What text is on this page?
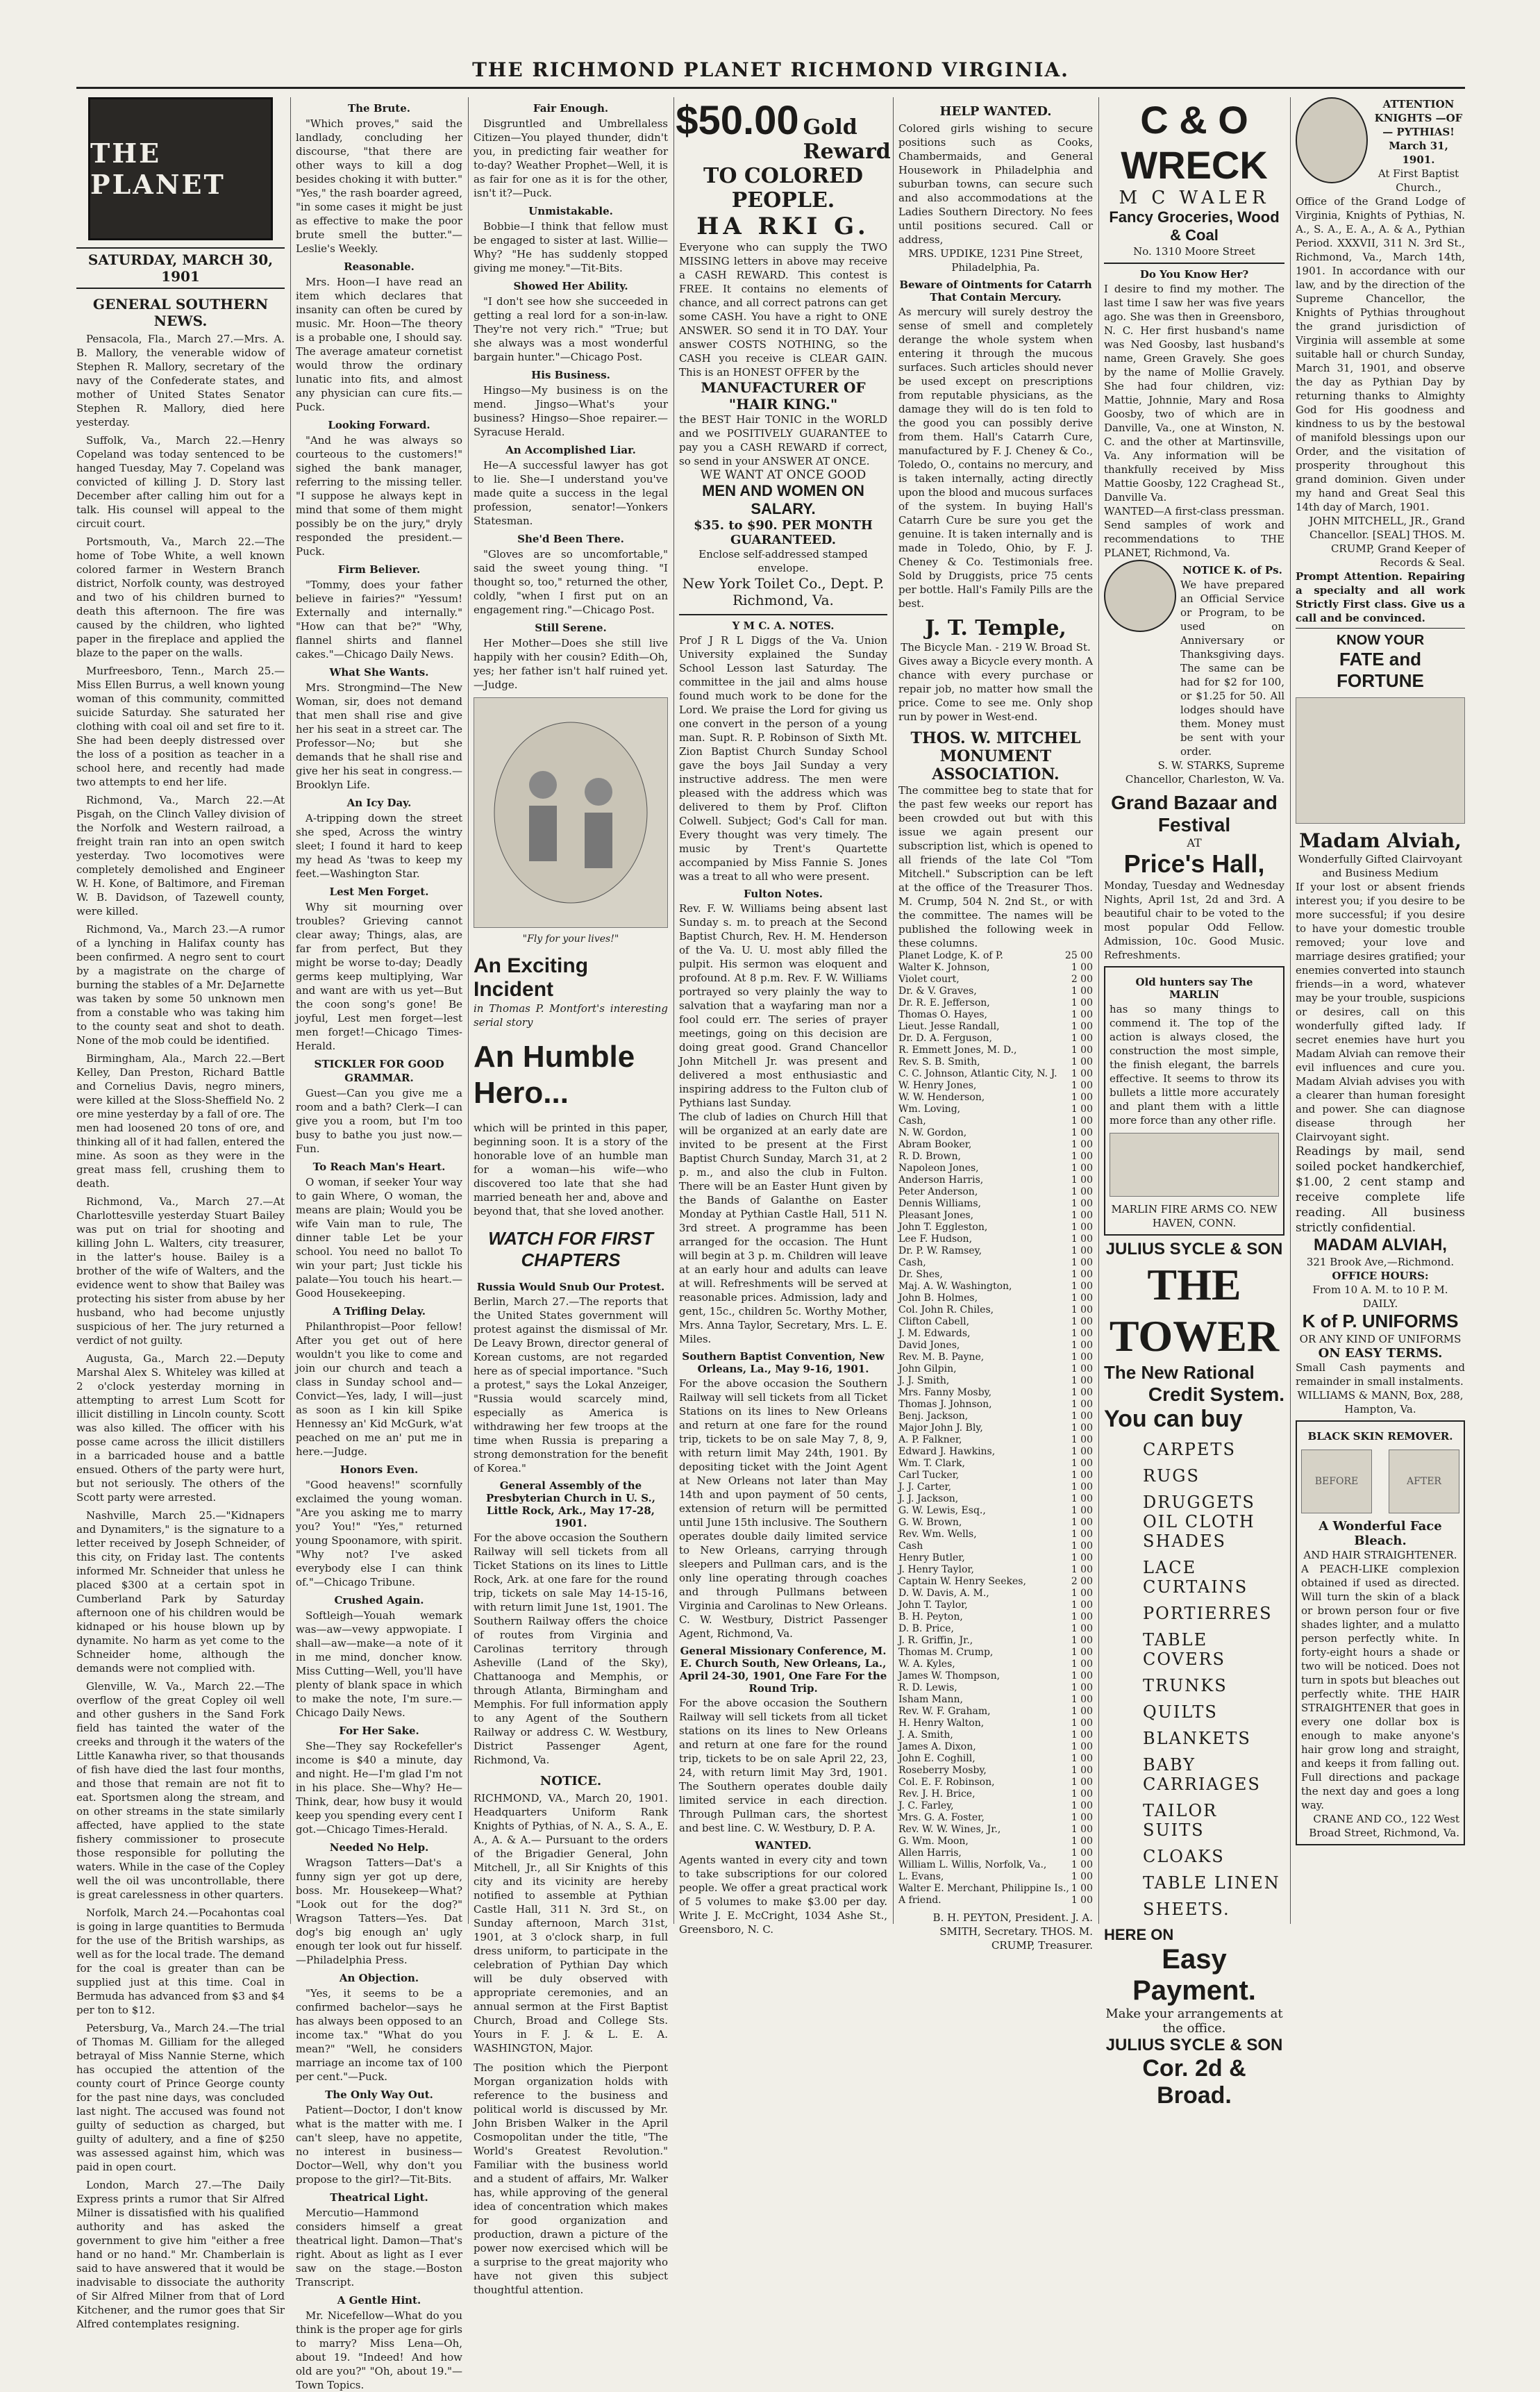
THE RICHMOND PLANET RICHMOND VIRGINIA.
THE PLANET
SATURDAY, MARCH 30, 1901
GENERAL SOUTHERN NEWS.

Pensacola, Fla., March 27.—Mrs. A. B. Mallory, the venerable widow of Stephen R. Mallory, secretary of the navy of the Confederate states, and mother of United States Senator Stephen R. Mallory, died here yesterday.

Suffolk, Va., March 22.—Henry Copeland was today sentenced to be hanged Tuesday, May 7. Copeland was convicted of killing J. D. Story last December after calling him out for a talk. His counsel will appeal to the circuit court.

Portsmouth, Va., March 22.—The home of Tobe White, a well known colored farmer in Western Branch district, Norfolk county, was destroyed and two of his children burned to death this afternoon. The fire was caused by the children, who lighted paper in the fireplace and applied the blaze to the paper on the walls.

Murfreesboro, Tenn., March 25.—Miss Ellen Burrus, a well known young woman of this community, committed suicide Saturday. She saturated her clothing with coal oil and set fire to it. She had been deeply distressed over the loss of a position as teacher in a school here, and recently had made two attempts to end her life.

Richmond, Va., March 22.—At Pisgah, on the Clinch Valley division of the Norfolk and Western railroad, a freight train ran into an open switch yesterday. Two locomotives were completely demolished and Engineer W. H. Kone, of Baltimore, and Fireman W. B. Davidson, of Tazewell county, were killed.

Richmond, Va., March 23.—A rumor of a lynching in Halifax county has been confirmed. A negro sent to court by a magistrate on the charge of burning the stables of a Mr. DeJarnette was taken by some 50 unknown men from a constable who was taking him to the county seat and shot to death. None of the mob could be identified.

Birmingham, Ala., March 22.—Bert Kelley, Dan Preston, Richard Battle and Cornelius Davis, negro miners, were killed at the Sloss-Sheffield No. 2 ore mine yesterday by a fall of ore. The men had loosened 20 tons of ore, and thinking all of it had fallen, entered the mine. As soon as they were in the great mass fell, crushing them to death.

Richmond, Va., March 27.—At Charlottesville yesterday Stuart Bailey was put on trial for shooting and killing John L. Walters, city treasurer, in the latter's house. Bailey is a brother of the wife of Walters, and the evidence went to show that Bailey was protecting his sister from abuse by her husband, who had become unjustly suspicious of her. The jury returned a verdict of not guilty.

Augusta, Ga., March 22.—Deputy Marshal Alex S. Whiteley was killed at 2 o'clock yesterday morning in attempting to arrest Lum Scott for illicit distilling in Lincoln county. Scott was also killed. The officer with his posse came across the illicit distillers in a barricaded house and a battle ensued. Others of the party were hurt, but not seriously. The others of the Scott party were arrested.

Nashville, March 25.—"Kidnapers and Dynamiters," is the signature to a letter received by Joseph Schneider, of this city, on Friday last. The contents informed Mr. Schneider that unless he placed $300 at a certain spot in Cumberland Park by Saturday afternoon one of his children would be kidnaped or his house blown up by dynamite. No harm as yet come to the Schneider home, although the demands were not complied with.

Glenville, W. Va., March 22.—The overflow of the great Copley oil well and other gushers in the Sand Fork field has tainted the water of the creeks and through it the waters of the Little Kanawha river, so that thousands of fish have died the last four months, and those that remain are not fit to eat. Sportsmen along the stream, and on other streams in the state similarly affected, have applied to the state fishery commissioner to prosecute those responsible for polluting the waters. While in the case of the Copley well the oil was uncontrollable, there is great carelessness in other quarters.

Norfolk, March 24.—Pocahontas coal is going in large quantities to Bermuda for the use of the British warships, as well as for the local trade. The demand for the coal is greater than can be supplied just at this time. Coal in Bermuda has advanced from $3 and $4 per ton to $12.

Petersburg, Va., March 24.—The trial of Thomas M. Gilliam for the alleged betrayal of Miss Nannie Sterne, which has occupied the attention of the county court of Prince George county for the past nine days, was concluded last night. The accused was found not guilty of seduction as charged, but guilty of adultery, and a fine of $250 was assessed against him, which was paid in open court.

London, March 27.—The Daily Express prints a rumor that Sir Alfred Milner is dissatisfied with his qualified authority and has asked the government to give him "either a free hand or no hand." Mr. Chamberlain is said to have answered that it would be inadvisable to dissociate the authority of Sir Alfred Milner from that of Lord Kitchener, and the rumor goes that Sir Alfred contemplates resigning.

The Brute.

"Which proves," said the landlady, concluding her discourse, "that there are other ways to kill a dog besides choking it with butter." "Yes," the rash boarder agreed, "in some cases it might be just as effective to make the poor brute smell the butter."—Leslie's Weekly.

Reasonable.

Mrs. Hoon—I have read an item which declares that insanity can often be cured by music. Mr. Hoon—The theory is a probable one, I should say. The average amateur cornetist would throw the ordinary lunatic into fits, and almost any physician can cure fits.—Puck.

Looking Forward.

"And he was always so courteous to the customers!" sighed the bank manager, referring to the missing teller. "I suppose he always kept in mind that some of them might possibly be on the jury," dryly responded the president.—Puck.

Firm Believer.

"Tommy, does your father believe in fairies?" "Yessum! Externally and internally." "How can that be?" "Why, flannel shirts and flannel cakes."—Chicago Daily News.

What She Wants.

Mrs. Strongmind—The New Woman, sir, does not demand that men shall rise and give her his seat in a street car. The Professor—No; but she demands that he shall rise and give her his seat in congress.—Brooklyn Life.

An Icy Day.

A-tripping down the street she sped, Across the wintry sleet; I found it hard to keep my head As 'twas to keep my feet.—Washington Star.

Lest Men Forget.

Why sit mourning over troubles? Grieving cannot clear away; Things, alas, are far from perfect, But they might be worse to-day; Deadly germs keep multiplying, War and want are with us yet—But the coon song's gone! Be joyful, Lest men forget—lest men forget!—Chicago Times-Herald.

STICKLER FOR GOOD GRAMMAR.

Guest—Can you give me a room and a bath? Clerk—I can give you a room, but I'm too busy to bathe you just now.—Fun.

To Reach Man's Heart.

O woman, if seeker Your way to gain Where, O woman, the means are plain; Would you be wife Vain man to rule, The dinner table Let be your school. You need no ballot To win your part; Just tickle his palate—You touch his heart.—Good Housekeeping.

A Trifling Delay.

Philanthropist—Poor fellow! After you get out of here wouldn't you like to come and join our church and teach a class in Sunday school and—Convict—Yes, lady, I will—just as soon as I kin kill Spike Hennessy an' Kid McGurk, w'at peached on me an' put me in here.—Judge.

Honors Even.

"Good heavens!" scornfully exclaimed the young woman. "Are you asking me to marry you? You!" "Yes," returned young Spoonamore, with spirit. "Why not? I've asked everybody else I can think of."—Chicago Tribune.

Crushed Again.

Softleigh—Youah wemark was—aw—vewy appwopiate. I shall—aw—make—a note of it in me mind, doncher know. Miss Cutting—Well, you'll have plenty of blank space in which to make the note, I'm sure.—Chicago Daily News.

For Her Sake.

She—They say Rockefeller's income is $40 a minute, day and night. He—I'm glad I'm not in his place. She—Why? He—Think, dear, how busy it would keep you spending every cent I got.—Chicago Times-Herald.

Needed No Help.

Wragson Tatters—Dat's a funny sign yer got up dere, boss. Mr. Housekeep—What? "Look out for the dog?" Wragson Tatters—Yes. Dat dog's big enough an' ugly enough ter look out fur hisself.—Philadelphia Press.

An Objection.

"Yes, it seems to be a confirmed bachelor—says he has always been opposed to an income tax." "What do you mean?" "Well, he considers marriage an income tax of 100 per cent."—Puck.

The Only Way Out.

Patient—Doctor, I don't know what is the matter with me. I can't sleep, have no appetite, no interest in business— Doctor—Well, why don't you propose to the girl?—Tit-Bits.

Theatrical Light.

Mercutio—Hammond considers himself a great theatrical light. Damon—That's right. About as light as I ever saw on the stage.—Boston Transcript.

A Gentle Hint.

Mr. Nicefellow—What do you think is the proper age for girls to marry? Miss Lena—Oh, about 19. "Indeed! And how old are you?" "Oh, about 19."—Town Topics.

Fair Enough.

Disgruntled and Umbrellaless Citizen—You played thunder, didn't you, in predicting fair weather for to-day? Weather Prophet—Well, it is as fair for one as it is for the other, isn't it?—Puck.

Unmistakable.

Bobbie—I think that fellow must be engaged to sister at last. Willie—Why? "He has suddenly stopped giving me money."—Tit-Bits.

Showed Her Ability.

"I don't see how she succeeded in getting a real lord for a son-in-law. They're not very rich." "True; but she always was a most wonderful bargain hunter."—Chicago Post.

His Business.

Hingso—My business is on the mend. Jingso—What's your business? Hingso—Shoe repairer.—Syracuse Herald.

An Accomplished Liar.

He—A successful lawyer has got to lie. She—I understand you've made quite a success in the legal profession, senator!—Yonkers Statesman.

She'd Been There.

"Gloves are so uncomfortable," said the sweet young thing. "I thought so, too," returned the other, coldly, "when I first put on an engagement ring."—Chicago Post.

Still Serene.

Her Mother—Does she still live happily with her cousin? Edith—Oh, yes; her father isn't half ruined yet.—Judge.

"Fly for your lives!"
An Exciting Incident
in Thomas P. Montfort's interesting serial story
An Humble Hero...
which will be printed in this paper, beginning soon. It is a story of the honorable love of an humble man for a woman—his wife—who discovered too late that she had married beneath her and, above and beyond that, that she loved another.
WATCH FOR FIRST CHAPTERS
Russia Would Snub Our Protest.
Berlin, March 27.—The reports that the United States government will protest against the dismissal of Mr. De Leavy Brown, director general of Korean customs, are not regarded here as of special importance. "Such a protest," says the Lokal Anzeiger, "Russia would scarcely mind, especially as America is withdrawing her few troops at the time when Russia is preparing a strong demonstration for the benefit of Korea."
General Assembly of the Presbyterian Church in U. S., Little Rock, Ark., May 17-28, 1901.
For the above occasion the Southern Railway will sell tickets from all Ticket Stations on its lines to Little Rock, Ark. at one fare for the round trip, tickets on sale May 14-15-16, with return limit June 1st, 1901. The Southern Railway offers the choice of routes from Virginia and Carolinas territory through Asheville (Land of the Sky), Chattanooga and Memphis, or through Atlanta, Birmingham and Memphis. For full information apply to any Agent of the Southern Railway or address C. W. Westbury, District Passenger Agent, Richmond, Va.
NOTICE.
RICHMOND, VA., March 20, 1901. Headquarters Uniform Rank Knights of Pythias, of N. A., S. A., E. A., A. & A.— Pursuant to the orders of the Brigadier General, John Mitchell, Jr., all Sir Knights of this city and its vicinity are hereby notified to assemble at Pythian Castle Hall, 311 N. 3rd St., on Sunday afternoon, March 31st, 1901, at 3 o'clock sharp, in full dress uniform, to participate in the celebration of Pythian Day which will be duly observed with appropriate ceremonies, and an annual sermon at the First Baptist Church, Broad and College Sts. Yours in F. J. & L. E. A. WASHINGTON, Major.
The position which the Pierpont Morgan organization holds with reference to the business and political world is discussed by Mr. John Brisben Walker in the April Cosmopolitan under the title, "The World's Greatest Revolution." Familiar with the business world and a student of affairs, Mr. Walker has, while approving of the general idea of concentration which makes for good organization and production, drawn a picture of the power now exercised which will be a surprise to the great majority who have not given this subject thoughtful attention.
$50.00 Gold Reward
TO COLORED PEOPLE.
HA RKI G.
Everyone who can supply the TWO MISSING letters in above may receive a CASH REWARD. This contest is FREE. It contains no elements of chance, and all correct patrons can get some CASH. You have a right to ONE ANSWER. SO send it in TO DAY. Your answer COSTS NOTHING, so the CASH you receive is CLEAR GAIN. This is an HONEST OFFER by the
MANUFACTURER OF "HAIR KING."
the BEST Hair TONIC in the WORLD and we POSITIVELY GUARANTEE to pay you a CASH REWARD if correct, so send in your ANSWER AT ONCE.
WE WANT AT ONCE GOOD
MEN AND WOMEN ON SALARY.
$35. to $90. PER MONTH GUARANTEED.
Enclose self-addressed stamped envelope.
New York Toilet Co., Dept. P. Richmond, Va.
Y M C. A. NOTES.
Prof J R L Diggs of the Va. Union University explained the Sunday School Lesson last Saturday. The committee in the jail and alms house found much work to be done for the Lord. We praise the Lord for giving us one convert in the person of a young man. Supt. R. P. Robinson of Sixth Mt. Zion Baptist Church Sunday School gave the boys Jail Sunday a very instructive address. The men were pleased with the address which was delivered to them by Prof. Clifton Colwell. Subject; God's Call for man. Every thought was very timely. The music by Trent's Quartette accompanied by Miss Fannie S. Jones was a treat to all who were present.
Fulton Notes.
Rev. F. W. Williams being absent last Sunday s. m. to preach at the Second Baptist Church, Rev. H. M. Henderson of the Va. U. U. most ably filled the pulpit. His sermon was eloquent and profound. At 8 p.m. Rev. F. W. Williams portrayed so very plainly the way to salvation that a wayfaring man nor a fool could err. The series of prayer meetings, going on this decision are doing great good. Grand Chancellor John Mitchell Jr. was present and delivered a most enthusiastic and inspiring address to the Fulton club of Pythians last Sunday.
The club of ladies on Church Hill that will be organized at an early date are invited to be present at the First Baptist Church Sunday, March 31, at 2 p. m., and also the club in Fulton. There will be an Easter Hunt given by the Bands of Galanthe on Easter Monday at Pythian Castle Hall, 511 N. 3rd street. A programme has been arranged for the occasion. The Hunt will begin at 3 p. m. Children will leave at an early hour and adults can leave at will. Refreshments will be served at reasonable prices. Admission, lady and gent, 15c., children 5c. Worthy Mother, Mrs. Anna Taylor, Secretary, Mrs. L. E. Miles.
Southern Baptist Convention, New Orleans, La., May 9-16, 1901.
For the above occasion the Southern Railway will sell tickets from all Ticket Stations on its lines to New Orleans and return at one fare for the round trip, tickets to be on sale May 7, 8, 9, with return limit May 24th, 1901. By depositing ticket with the Joint Agent at New Orleans not later than May 14th and upon payment of 50 cents, extension of return will be permitted until June 15th inclusive. The Southern operates double daily limited service to New Orleans, carrying through sleepers and Pullman cars, and is the only line operating through coaches and through Pullmans between Virginia and Carolinas to New Orleans. C. W. Westbury, District Passenger Agent, Richmond, Va.
General Missionary Conference, M. E. Church South, New Orleans, La., April 24-30, 1901, One Fare For the Round Trip.
For the above occasion the Southern Railway will sell tickets from all ticket stations on its lines to New Orleans and return at one fare for the round trip, tickets to be on sale April 22, 23, 24, with return limit May 3rd, 1901. The Southern operates double daily limited service in each direction. Through Pullman cars, the shortest and best line. C. W. Westbury, D. P. A.
WANTED.
Agents wanted in every city and town to take subscriptions for our colored people. We offer a great practical work of 5 volumes to make $3.00 per day. Write J. E. McCright, 1034 Ashe St., Greensboro, N. C.
HELP WANTED.
Colored girls wishing to secure positions such as Cooks, Chambermaids, and General Housework in Philadelphia and suburban towns, can secure such and also accommodations at the Ladies Southern Directory. No fees until positions secured. Call or address,
MRS. UPDIKE, 1231 Pine Street, Philadelphia, Pa.
Beware of Ointments for Catarrh That Contain Mercury.
As mercury will surely destroy the sense of smell and completely derange the whole system when entering it through the mucous surfaces. Such articles should never be used except on prescriptions from reputable physicians, as the damage they will do is ten fold to the good you can possibly derive from them. Hall's Catarrh Cure, manufactured by F. J. Cheney & Co., Toledo, O., contains no mercury, and is taken internally, acting directly upon the blood and mucous surfaces of the system. In buying Hall's Catarrh Cure be sure you get the genuine. It is taken internally and is made in Toledo, Ohio, by F. J. Cheney & Co. Testimonials free. Sold by Druggists, price 75 cents per bottle. Hall's Family Pills are the best.
J. T. Temple,
The Bicycle Man. - 219 W. Broad St.
Gives away a Bicycle every month. A chance with every purchase or repair job, no matter how small the price. Come to see me. Only shop run by power in West-end.
THOS. W. MITCHEL MONUMENT ASSOCIATION.
The committee beg to state that for the past few weeks our report has been crowded out but with this issue we again present our subscription list, which is opened to all friends of the late Col "Tom Mitchell." Subscription can be left at the office of the Treasurer Thos. M. Crump, 504 N. 2nd St., or with the committee. The names will be published the following week in these columns.
Planet Lodge, K. of P.	25 00
Walter K. Johnson,	1 00
Violet court,	2 00
Dr. & V. Graves,	1 00
Dr. R. E. Jefferson,	1 00
Thomas O. Hayes,	1 00
Lieut. Jesse Randall,	1 00
Dr. D. A. Ferguson,	1 00
R. Emmett Jones, M. D.,	1 00
Rev. S. B. Smith,	1 00
C. C. Johnson, Atlantic City, N. J. 1 00
W. Henry Jones,	1 00
W. W. Henderson,	1 00
Wm. Loving,	1 00
Cash,	1 00
N. W. Gordon,	1 00
Abram Booker,	1 00
R. D. Brown,	1 00
Napoleon Jones,	1 00
Anderson Harris,	1 00
Peter Anderson,	1 00
Dennis Williams,	1 00
Pleasant Jones,	1 00
John T. Eggleston,	1 00
Lee F. Hudson,	1 00
Dr. P. W. Ramsey,	1 00
Cash,	1 00
Dr. Shes,	1 00
Maj. A. W. Washington,	1 00
John B. Holmes,	1 00
Col. John R. Chiles,	1 00
Clifton Cabell,	1 00
J. M. Edwards,	1 00
David Jones,	1 00
Rev. M. B. Payne,	1 00
John Gilpin,	1 00
J. J. Smith,	1 00
Mrs. Fanny Mosby,	1 00
Thomas J. Johnson,	1 00
Benj. Jackson,	1 00
Major John J. Bly,	1 00
A. P. Falkner,	1 00
Edward J. Hawkins,	1 00
Wm. T. Clark,	1 00
Carl Tucker,	1 00
J. J. Carter,	1 00
J. J. Jackson,	1 00
G. W. Lewis, Esq.,	1 00
G. W. Brown,	1 00
Rev. Wm. Wells,	1 00
Cash	1 00
Henry Butler,	1 00
J. Henry Taylor,	1 00
Captain W. Henry Seekes,	2 00
D. W. Davis, A. M.,	1 00
John T. Taylor,	1 00
B. H. Peyton,	1 00
D. B. Price,	1 00
J. R. Griffin, Jr.,	1 00
Thomas M. Crump,	1 00
W. A. Kyles,	1 00
James W. Thompson,	1 00
R. D. Lewis,	1 00
Isham Mann,	1 00
Rev. W. F. Graham,	1 00
H. Henry Walton,	1 00
J. A. Smith,	1 00
James A. Dixon,	1 00
John E. Coghill,	1 00
Roseberry Mosby,	1 00
Col. E. F. Robinson,	1 00
Rev. J. H. Brice,	1 00
J. C. Farley,	1 00
Mrs. G. A. Foster,	1 00
Rev. W. W. Wines, Jr.,	1 00
G. Wm. Moon,	1 00
Allen Harris,	1 00
William L. Willis, Norfolk, Va.,	1 00
L. Evans,	1 00
Walter E. Merchant, Philippine Is., 1 00
A friend.	1 00
B. H. PEYTON, President. J. A. SMITH, Secretary. THOS. M. CRUMP, Treasurer.
C & O WRECK
M C WALER
Fancy Groceries, Wood & Coal
No. 1310 Moore Street
Do You Know Her?
I desire to find my mother. The last time I saw her was five years ago. She was then in Greensboro, N. C. Her first husband's name was Ned Goosby, last husband's name, Green Gravely. She goes by the name of Mollie Gravely. She had four children, viz: Mattie, Johnnie, Mary and Rosa Goosby, two of which are in Danville, Va., one at Winston, N. C. and the other at Martinsville, Va. Any information will be thankfully received by Miss Mattie Goosby, 122 Craghead St., Danville Va.
WANTED—A first-class pressman. Send samples of work and recommendations to THE PLANET, Richmond, Va.
NOTICE K. of Ps.
We have prepared an Official Service or Program, to be used on Anniversary or Thanksgiving days. The same can be had for $2 for 100, or $1.25 for 50. All lodges should have them. Money must be sent with your order.
S. W. STARKS, Supreme Chancellor, Charleston, W. Va.
Grand Bazaar and Festival
AT
Price's Hall,
Monday, Tuesday and Wednesday Nights, April 1st, 2d and 3rd. A beautiful chair to be voted to the most popular Odd Fellow. Admission, 10c. Good Music. Refreshments.
Old hunters say The MARLIN
has so many things to commend it. The top of the action is always closed, the construction the most simple, the finish elegant, the barrels effective. It seems to throw its bullets a little more accurately and plant them with a little more force than any other rifle.
MARLIN FIRE ARMS CO. NEW HAVEN, CONN.
JULIUS SYCLE & SON
THE TOWER
The New Rational
Credit System.
You can buy
CARPETS
RUGS
DRUGGETS OIL CLOTH SHADES
LACE CURTAINS
PORTIERRES
TABLE COVERS
TRUNKS
QUILTS
BLANKETS
BABY CARRIAGES
TAILOR SUITS
CLOAKS
TABLE LINEN
SHEETS.
HERE ON
Easy Payment.
Make your arrangements at the office.
JULIUS SYCLE & SON
Cor. 2d & Broad.
ATTENTION KNIGHTS —OF— PYTHIAS! March 31, 1901.
At First Baptist Church.,
Office of the Grand Lodge of Virginia, Knights of Pythias, N. A., S. A., E. A., A. & A., Pythian Period. XXXVII, 311 N. 3rd St., Richmond, Va., March 14th, 1901. In accordance with our law, and by the direction of the Supreme Chancellor, the Knights of Pythias throughout the grand jurisdiction of Virginia will assemble at some suitable hall or church Sunday, March 31, 1901, and observe the day as Pythian Day by returning thanks to Almighty God for His goodness and kindness to us by the bestowal of manifold blessings upon our Order, and the visitation of prosperity throughout this grand dominion. Given under my hand and Great Seal this 14th day of March, 1901.
JOHN MITCHELL, JR., Grand Chancellor. [SEAL] THOS. M. CRUMP, Grand Keeper of Records & Seal.
Prompt Attention. Repairing a specialty and all work Strictly First class. Give us a call and be convinced.
KNOW YOUR
FATE and FORTUNE
Madam Alviah,
Wonderfully Gifted Clairvoyant and Business Medium
If your lost or absent friends interest you; if you desire to be more successful; if you desire to have your domestic trouble removed; your love and marriage desires gratified; your enemies converted into staunch friends—in a word, whatever may be your trouble, suspicions or desires, call on this wonderfully gifted lady. If secret enemies have hurt you Madam Alviah can remove their evil influences and cure you. Madam Alviah advises you with a clearer than human foresight and power. She can diagnose disease through her Clairvoyant sight.
Readings by mail, send soiled pocket handkerchief, $1.00, 2 cent stamp and receive complete life reading. All business strictly confidential.
MADAM ALVIAH,
321 Brook Ave,—Richmond.
OFFICE HOURS:
From 10 A. M. to 10 P. M. DAILY.
K of P. UNIFORMS
OR ANY KIND OF UNIFORMS
ON EASY TERMS.
Small Cash payments and remainder in small instalments.
WILLIAMS & MANN, Box, 288, Hampton, Va.
BLACK SKIN REMOVER.
BEFORE	AFTER
A Wonderful Face Bleach.
AND HAIR STRAIGHTENER.
A PEACH-LIKE complexion obtained if used as directed. Will turn the skin of a black or brown person four or five shades lighter, and a mulatto person perfectly white. In forty-eight hours a shade or two will be noticed. Does not turn in spots but bleaches out perfectly white. THE HAIR STRAIGHTENER that goes in every one dollar box is enough to make anyone's hair grow long and straight, and keeps it from falling out. Full directions and package the next day and goes a long way.
CRANE AND CO., 122 West Broad Street, Richmond, Va.
